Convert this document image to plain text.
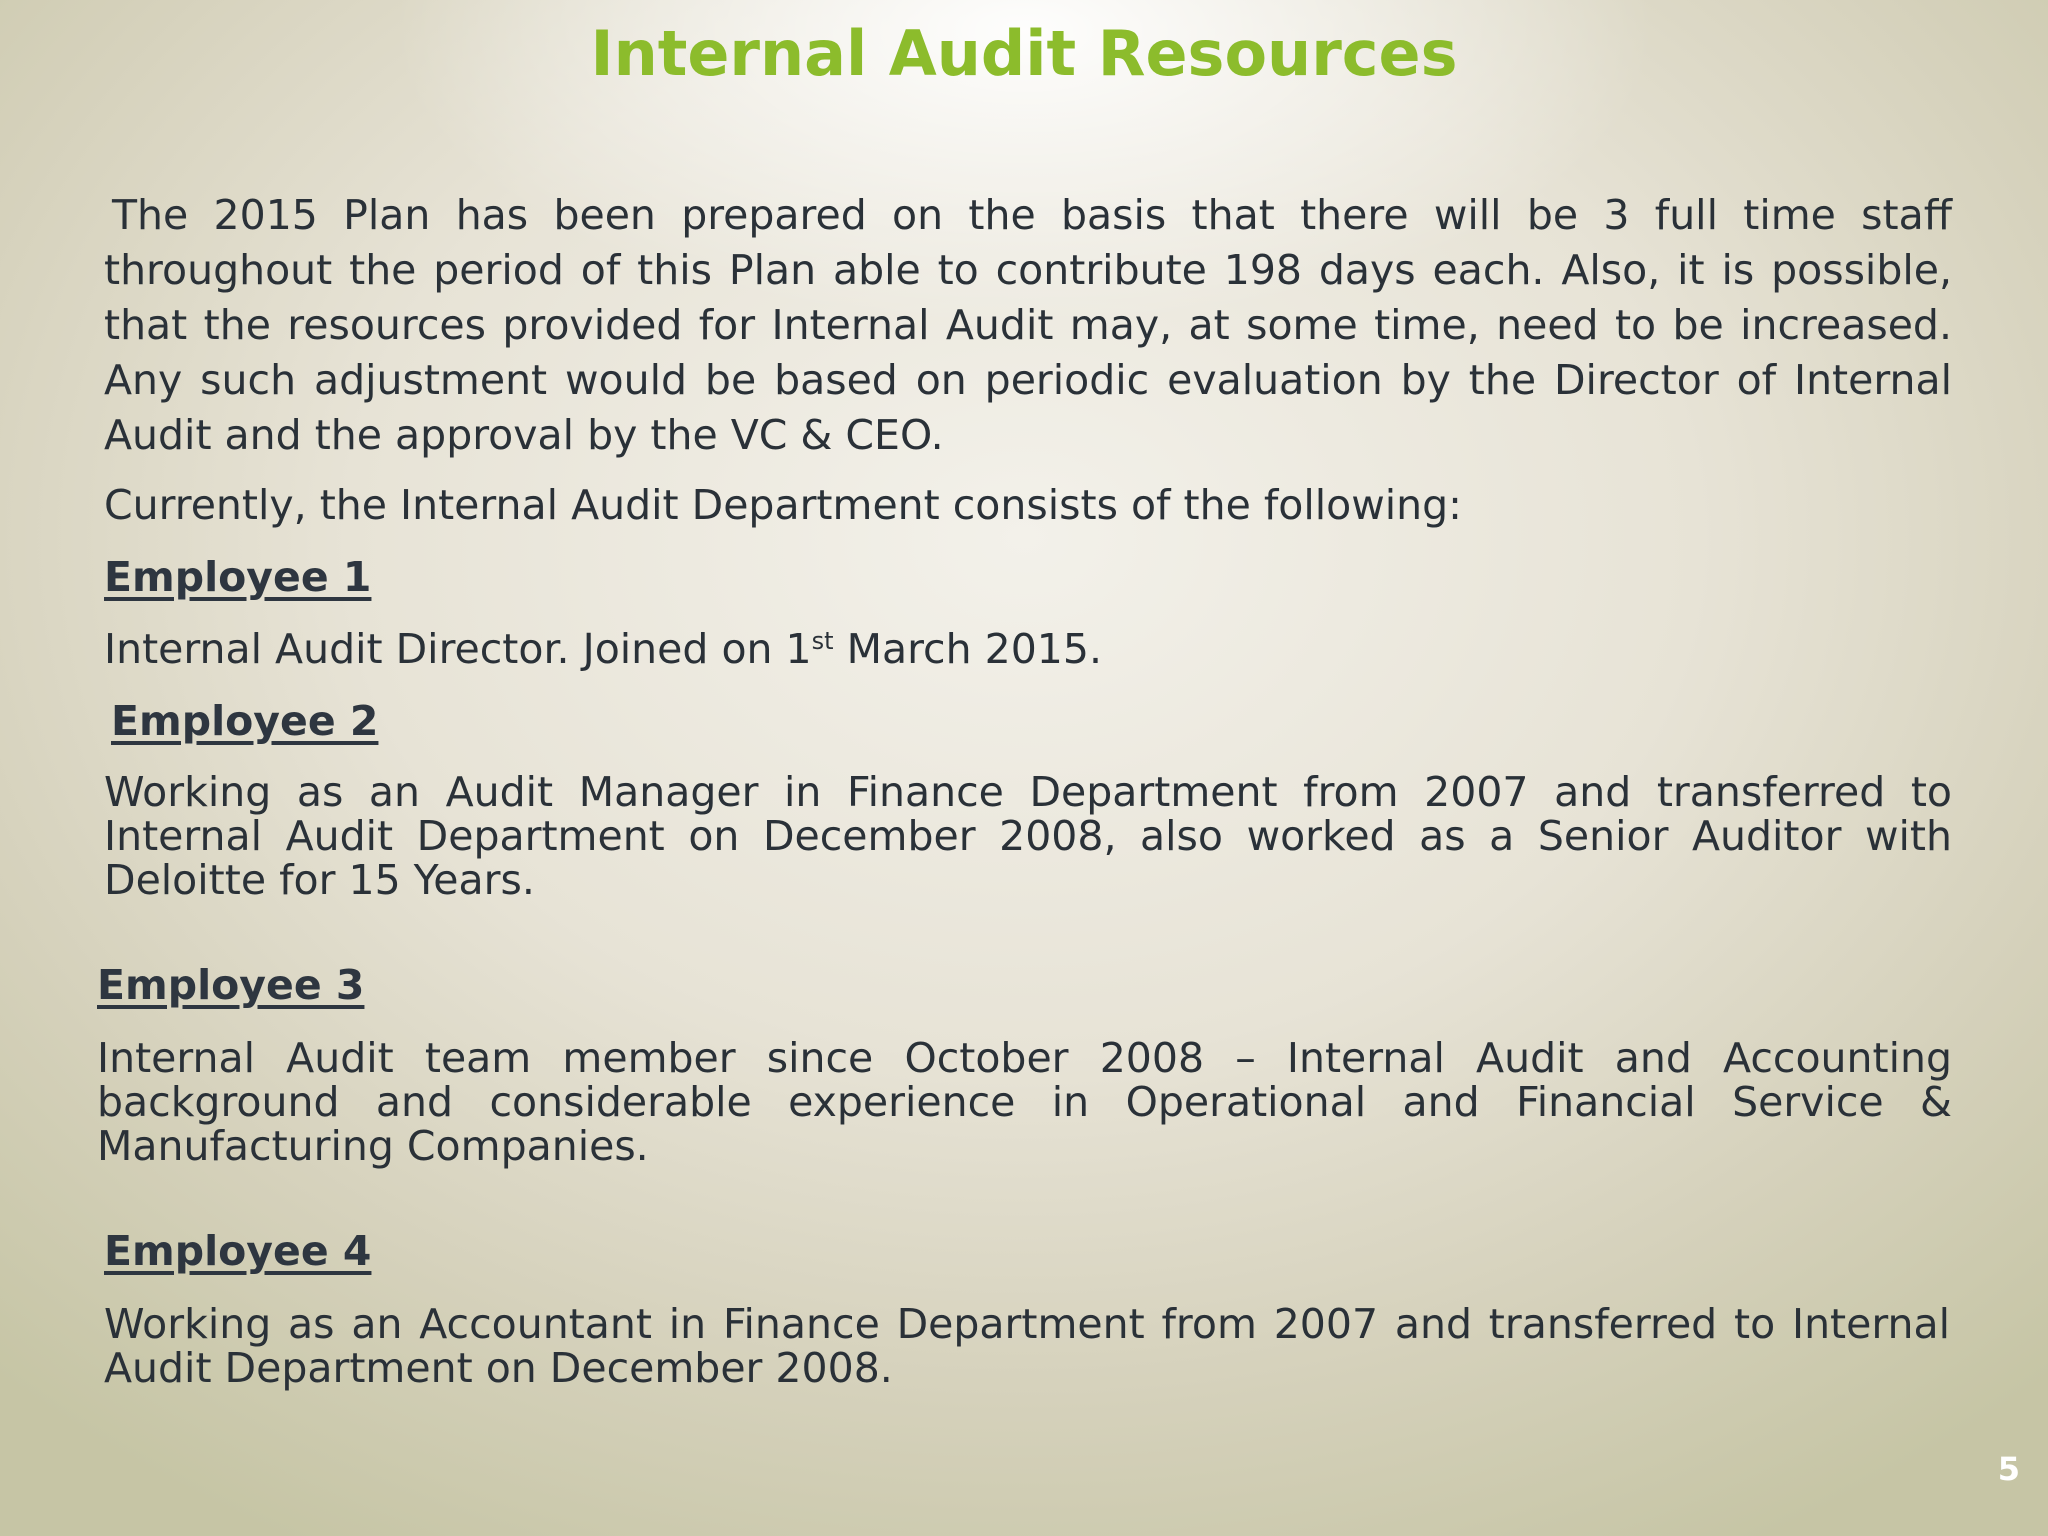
Internal Audit Resources

The 2015 Plan has been prepared on the basis that there will be 3 full time staff throughout the period of this Plan able to contribute 198 days each. Also, it is possible, that the resources provided for Internal Audit may, at some time, need to be increased. Any such adjustment would be based on periodic evaluation by the Director of Internal Audit and the approval by the VC & CEO.

Currently, the Internal Audit Department consists of the following:

Employee 1

Internal Audit Director. Joined on 1st March 2015.

Employee 2

Working as an Audit Manager in Finance Department from 2007 and transferred to Internal Audit Department on December 2008, also worked as a Senior Auditor with Deloitte for 15 Years.

Employee 3

Internal Audit team member since October 2008 – Internal Audit and Accounting background and considerable experience in Operational and Financial Service & Manufacturing Companies.

Employee 4

Working as an Accountant in Finance Department from 2007 and transferred to Internal Audit Department on December 2008.

5
